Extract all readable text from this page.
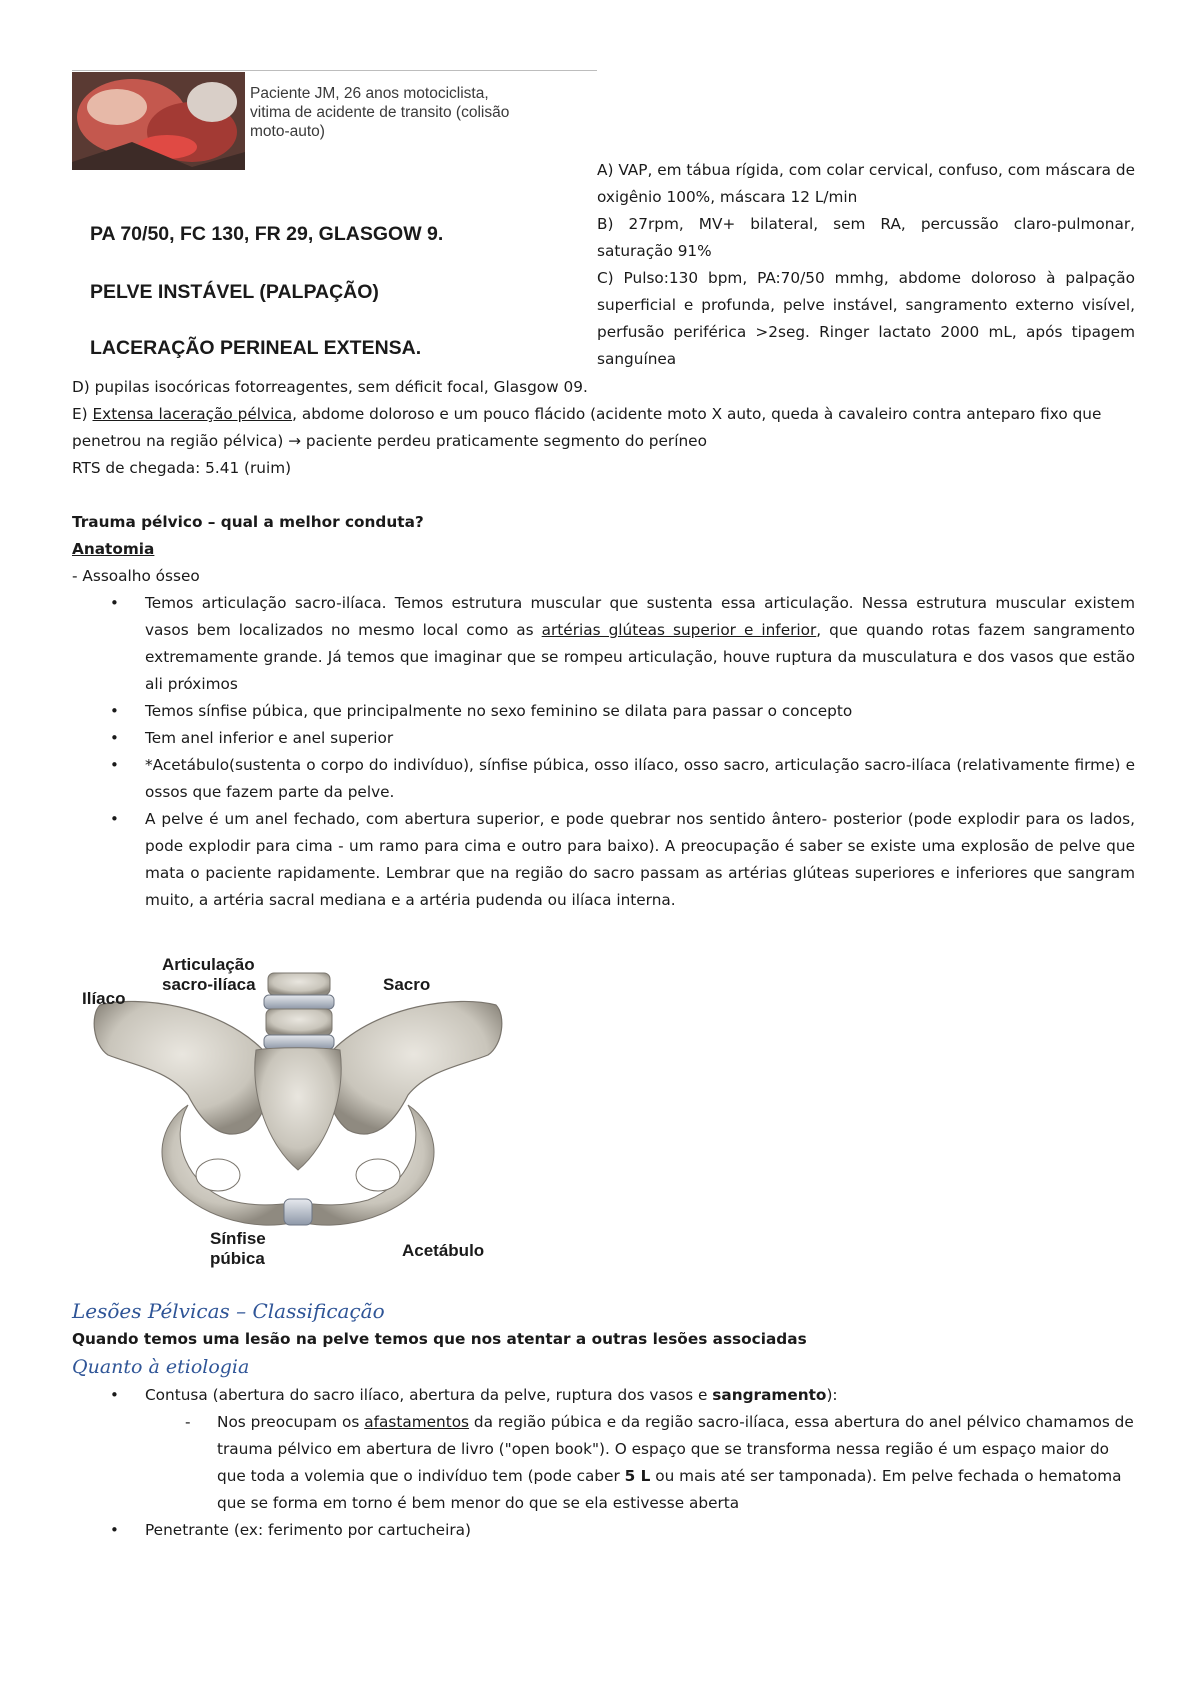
Paciente JM, 26 anos motociclista,
vitima de acidente de transito (colisão
moto-auto)
PA 70/50, FC 130, FR 29, GLASGOW 9.
PELVE INSTÁVEL (PALPAÇÃO)
LACERAÇÃO PERINEAL EXTENSA.

A) VAP, em tábua rígida, com colar cervical, confuso, com máscara de oxigênio 100%, máscara 12 L/min

B) 27rpm, MV+ bilateral, sem RA, percussão claro-pulmonar, saturação 91%

C) Pulso:130 bpm, PA:70/50 mmhg, abdome doloroso à palpação superficial e profunda, pelve instável, sangramento externo visível, perfusão periférica >2seg. Ringer lactato 2000 mL, após tipagem sanguínea

D) pupilas isocóricas fotorreagentes, sem déficit focal, Glasgow 09.

E) Extensa laceração pélvica, abdome doloroso e um pouco flácido (acidente moto X auto, queda à cavaleiro contra anteparo fixo que penetrou na região pélvica) → paciente perdeu praticamente segmento do períneo

RTS de chegada: 5.41 (ruim)

Trauma pélvico – qual a melhor conduta?

Anatomia

- Assoalho ósseo

• Temos articulação sacro-ilíaca. Temos estrutura muscular que sustenta essa articulação. Nessa estrutura muscular existem vasos bem localizados no mesmo local como as artérias glúteas superior e inferior, que quando rotas fazem sangramento extremamente grande. Já temos que imaginar que se rompeu articulação, houve ruptura da musculatura e dos vasos que estão ali próximos
• Temos sínfise púbica, que principalmente no sexo feminino se dilata para passar o concepto
• Tem anel inferior e anel superior
• *Acetábulo(sustenta o corpo do indivíduo), sínfise púbica, osso ilíaco, osso sacro, articulação sacro-ilíaca (relativamente firme) e ossos que fazem parte da pelve.
• A pelve é um anel fechado, com abertura superior, e pode quebrar nos sentido ântero- posterior (pode explodir para os lados, pode explodir para cima - um ramo para cima e outro para baixo). A preocupação é saber se existe uma explosão de pelve que mata o paciente rapidamente. Lembrar que na região do sacro passam as artérias glúteas superiores e inferiores que sangram muito, a artéria sacral mediana e a artéria pudenda ou ilíaca interna.
Articulação
sacro-ilíaca
Ilíaco
Sacro
Sínfise
púbica	Acetábulo

Lesões Pélvicas – Classificação

Quando temos uma lesão na pelve temos que nos atentar a outras lesões associadas

Quanto à etiologia

• Contusa (abertura do sacro ilíaco, abertura da pelve, ruptura dos vasos e sangramento):
- Nos preocupam os afastamentos da região púbica e da região sacro-ilíaca, essa abertura do anel pélvico chamamos de trauma pélvico em abertura de livro ("open book"). O espaço que se transforma nessa região é um espaço maior do que toda a volemia que o indivíduo tem (pode caber 5 L ou mais até ser tamponada). Em pelve fechada o hematoma que se forma em torno é bem menor do que se ela estivesse aberta
• Penetrante (ex: ferimento por cartucheira)
